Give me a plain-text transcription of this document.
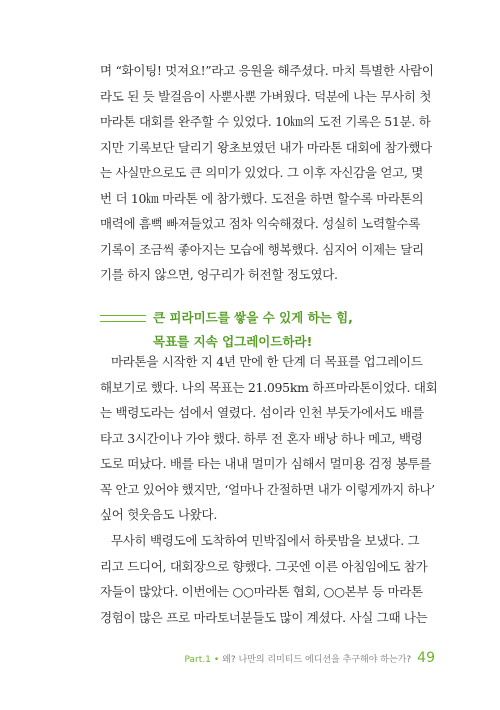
며 “화이팅! 멋져요!”라고 응원을 해주셨다. 마치 특별한 사람이
라도 된 듯 발걸음이 사뿐사뿐 가벼웠다. 덕분에 나는 무사히 첫
마라톤 대회를 완주할 수 있었다. 10㎞의 도전 기록은 51분. 하
지만 기록보단 달리기 왕초보였던 내가 마라톤 대회에 참가했다
는 사실만으로도 큰 의미가 있었다. 그 이후 자신감을 얻고, 몇
번 더 10㎞ 마라톤 에 참가했다. 도전을 하면 할수록 마라톤의
매력에 흠뻑 빠져들었고 점차 익숙해졌다. 성실히 노력할수록
기록이 조금씩 좋아지는 모습에 행복했다. 심지어 이제는 달리
기를 하지 않으면, 엉구리가 허전할 정도였다.
큰 피라미드를 쌓을 수 있게 하는 힘,
목표를 지속 업그레이드하라!
마라톤을 시작한 지 4년 만에 한 단계 더 목표를 업그레이드
해보기로 했다. 나의 목표는 21.095km 하프마라톤이었다. 대회
는 백령도라는 섬에서 열렸다. 섬이라 인천 부둣가에서도 배를
타고 3시간이나 가야 했다. 하루 전 혼자 배낭 하나 메고, 백령
도로 떠났다. 배를 타는 내내 멀미가 심해서 멀미용 검정 봉투를
꼭 안고 있어야 했지만, ‘얼마나 간절하면 내가 이렇게까지 하나’
싶어 헛웃음도 나왔다.
무사히 백령도에 도착하여 민박집에서 하룻밤을 보냈다. 그
리고 드디어, 대회장으로 향했다. 그곳엔 이른 아침임에도 참가
자들이 많았다. 이번에는 ○○마라톤 협회, ○○본부 등 마라톤
경험이 많은 프로 마라토너분들도 많이 계셨다. 사실 그때 나는
Part.1 • 왜? 나만의 리미티드 에디션을 추구해야 하는가? 49
